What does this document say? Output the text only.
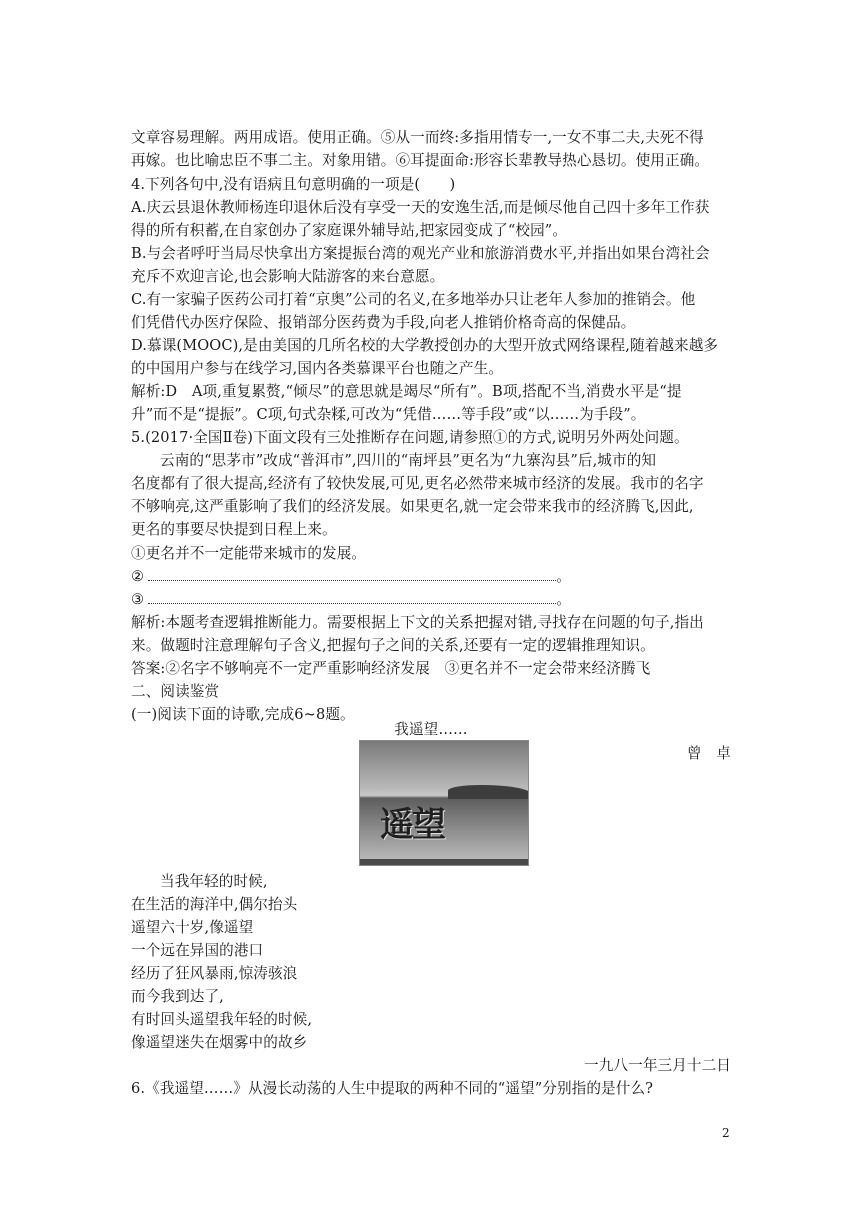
文章容易理解。两用成语。使用正确。⑤从一而终:多指用情专一,一女不事二夫,夫死不得
再嫁。也比喻忠臣不事二主。对象用错。⑥耳提面命:形容长辈教导热心恳切。使用正确。
4.下列各句中,没有语病且句意明确的一项是(　　)
A.庆云县退休教师杨连印退休后没有享受一天的安逸生活,而是倾尽他自己四十多年工作获
得的所有积蓄,在自家创办了家庭课外辅导站,把家园变成了“校园”。
B.与会者呼吁当局尽快拿出方案提振台湾的观光产业和旅游消费水平,并指出如果台湾社会
充斥不欢迎言论,也会影响大陆游客的来台意愿。
C.有一家骗子医药公司打着“京奥”公司的名义,在多地举办只让老年人参加的推销会。他
们凭借代办医疗保险、报销部分医药费为手段,向老人推销价格奇高的保健品。
D.慕课(MOOC),是由美国的几所名校的大学教授创办的大型开放式网络课程,随着越来越多
的中国用户参与在线学习,国内各类慕课平台也随之产生。
解析:D　A项,重复累赘,“倾尽”的意思就是竭尽“所有”。B项,搭配不当,消费水平是“提
升”而不是“提振”。C项,句式杂糅,可改为“凭借……等手段”或“以……为手段”。
5.(2017·全国Ⅱ卷)下面文段有三处推断存在问题,请参照①的方式,说明另外两处问题。
云南的“思茅市”改成“普洱市”,四川的“南坪县”更名为“九寨沟县”后,城市的知
名度都有了很大提高,经济有了较快发展,可见,更名必然带来城市经济的发展。我市的名字
不够响亮,这严重影响了我们的经济发展。如果更名,就一定会带来我市的经济腾飞,因此,
更名的事要尽快提到日程上来。
①更名并不一定能带来城市的发展。
②	。
③	。
解析:本题考查逻辑推断能力。需要根据上下文的关系把握对错,寻找存在问题的句子,指出
来。做题时注意理解句子含义,把握句子之间的关系,还要有一定的逻辑推理知识。
答案:②名字不够响亮不一定严重影响经济发展　③更名并不一定会带来经济腾飞
二、阅读鉴赏
(一)阅读下面的诗歌,完成6~8题。
我遥望……
曾　卓
遥望
当我年轻的时候,
在生活的海洋中,偶尔抬头
遥望六十岁,像遥望
一个远在异国的港口
经历了狂风暴雨,惊涛骇浪
而今我到达了,
有时回头遥望我年轻的时候,
像遥望迷失在烟雾中的故乡
一九八一年三月十二日
6.《我遥望……》从漫长动荡的人生中提取的两种不同的“遥望”分别指的是什么?
2
